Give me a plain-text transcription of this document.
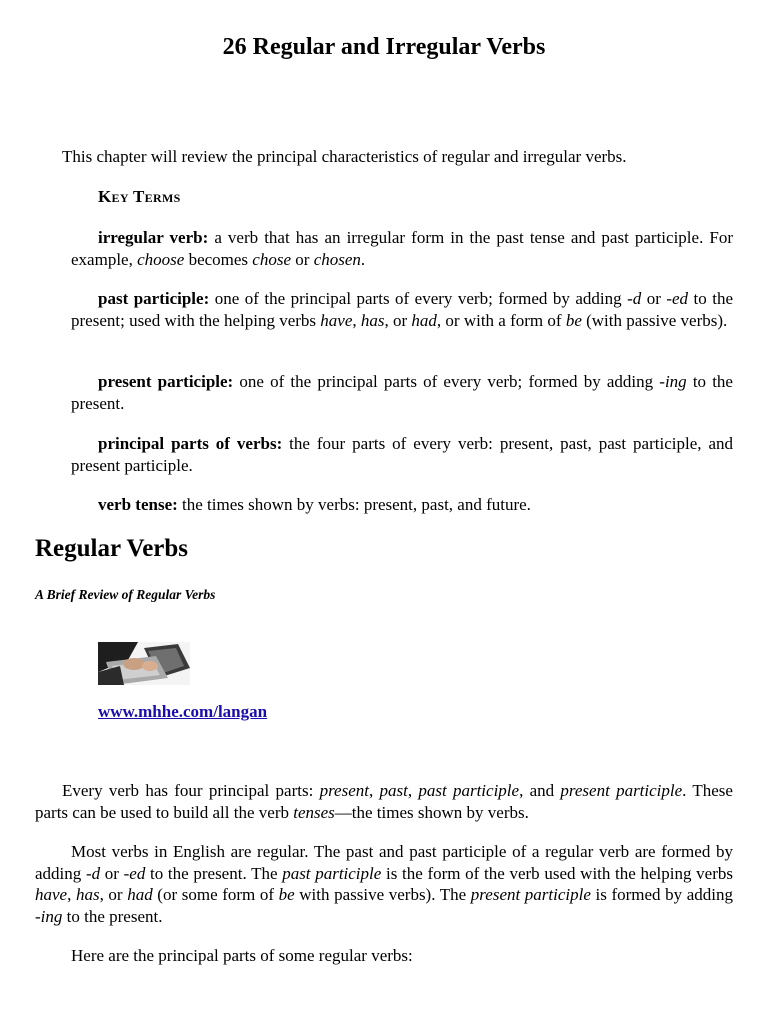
26 Regular and Irregular Verbs

This chapter will review the principal characteristics of regular and irregular verbs.

Key Terms

irregular verb: a verb that has an irregular form in the past tense and past participle. For example, choose becomes chose or chosen.

past participle: one of the principal parts of every verb; formed by adding -d or -ed to the present; used with the helping verbs have, has, or had, or with a form of be (with passive verbs).

present participle: one of the principal parts of every verb; formed by adding -ing to the present.

principal parts of verbs: the four parts of every verb: present, past, past participle, and present participle.

verb tense: the times shown by verbs: present, past, and future.

Regular Verbs
A Brief Review of Regular Verbs
www.mhhe.com/langan

Every verb has four principal parts: present, past, past participle, and present participle. These parts can be used to build all the verb tenses—the times shown by verbs.

Most verbs in English are regular. The past and past participle of a regular verb are formed by adding -d or -ed to the present. The past participle is the form of the verb used with the helping verbs have, has, or had (or some form of be with passive verbs). The present participle is formed by adding -ing to the present.

Here are the principal parts of some regular verbs:
